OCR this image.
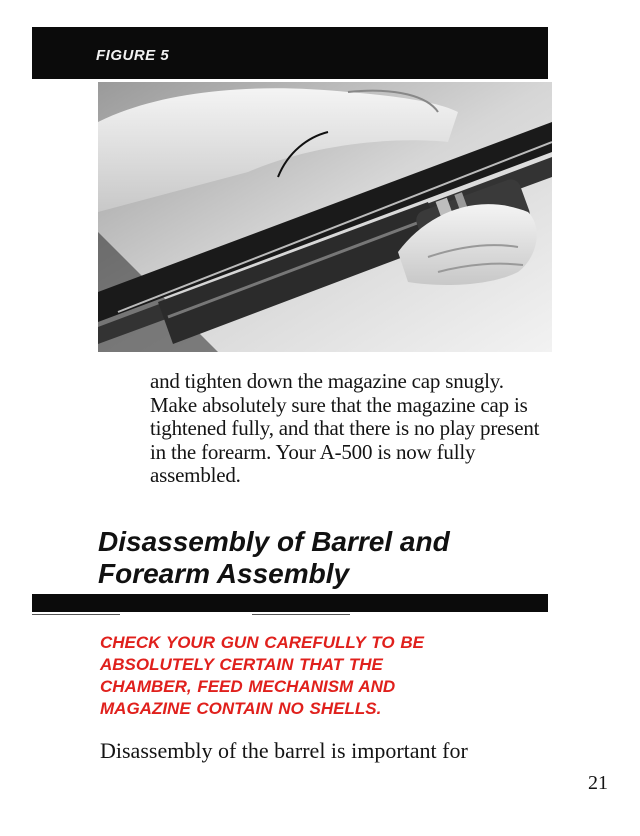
FIGURE 5

and tighten down the magazine cap snugly. Make absolutely sure that the magazine cap is tightened fully, and that there is no play present in the forearm. Your A-500 is now fully assembled.

Disassembly of Barrel and
Forearm Assembly

CHECK YOUR GUN CAREFULLY TO BE
ABSOLUTELY CERTAIN THAT THE
CHAMBER, FEED MECHANISM AND
MAGAZINE CONTAIN NO SHELLS.

Disassembly of the barrel is important for

21
